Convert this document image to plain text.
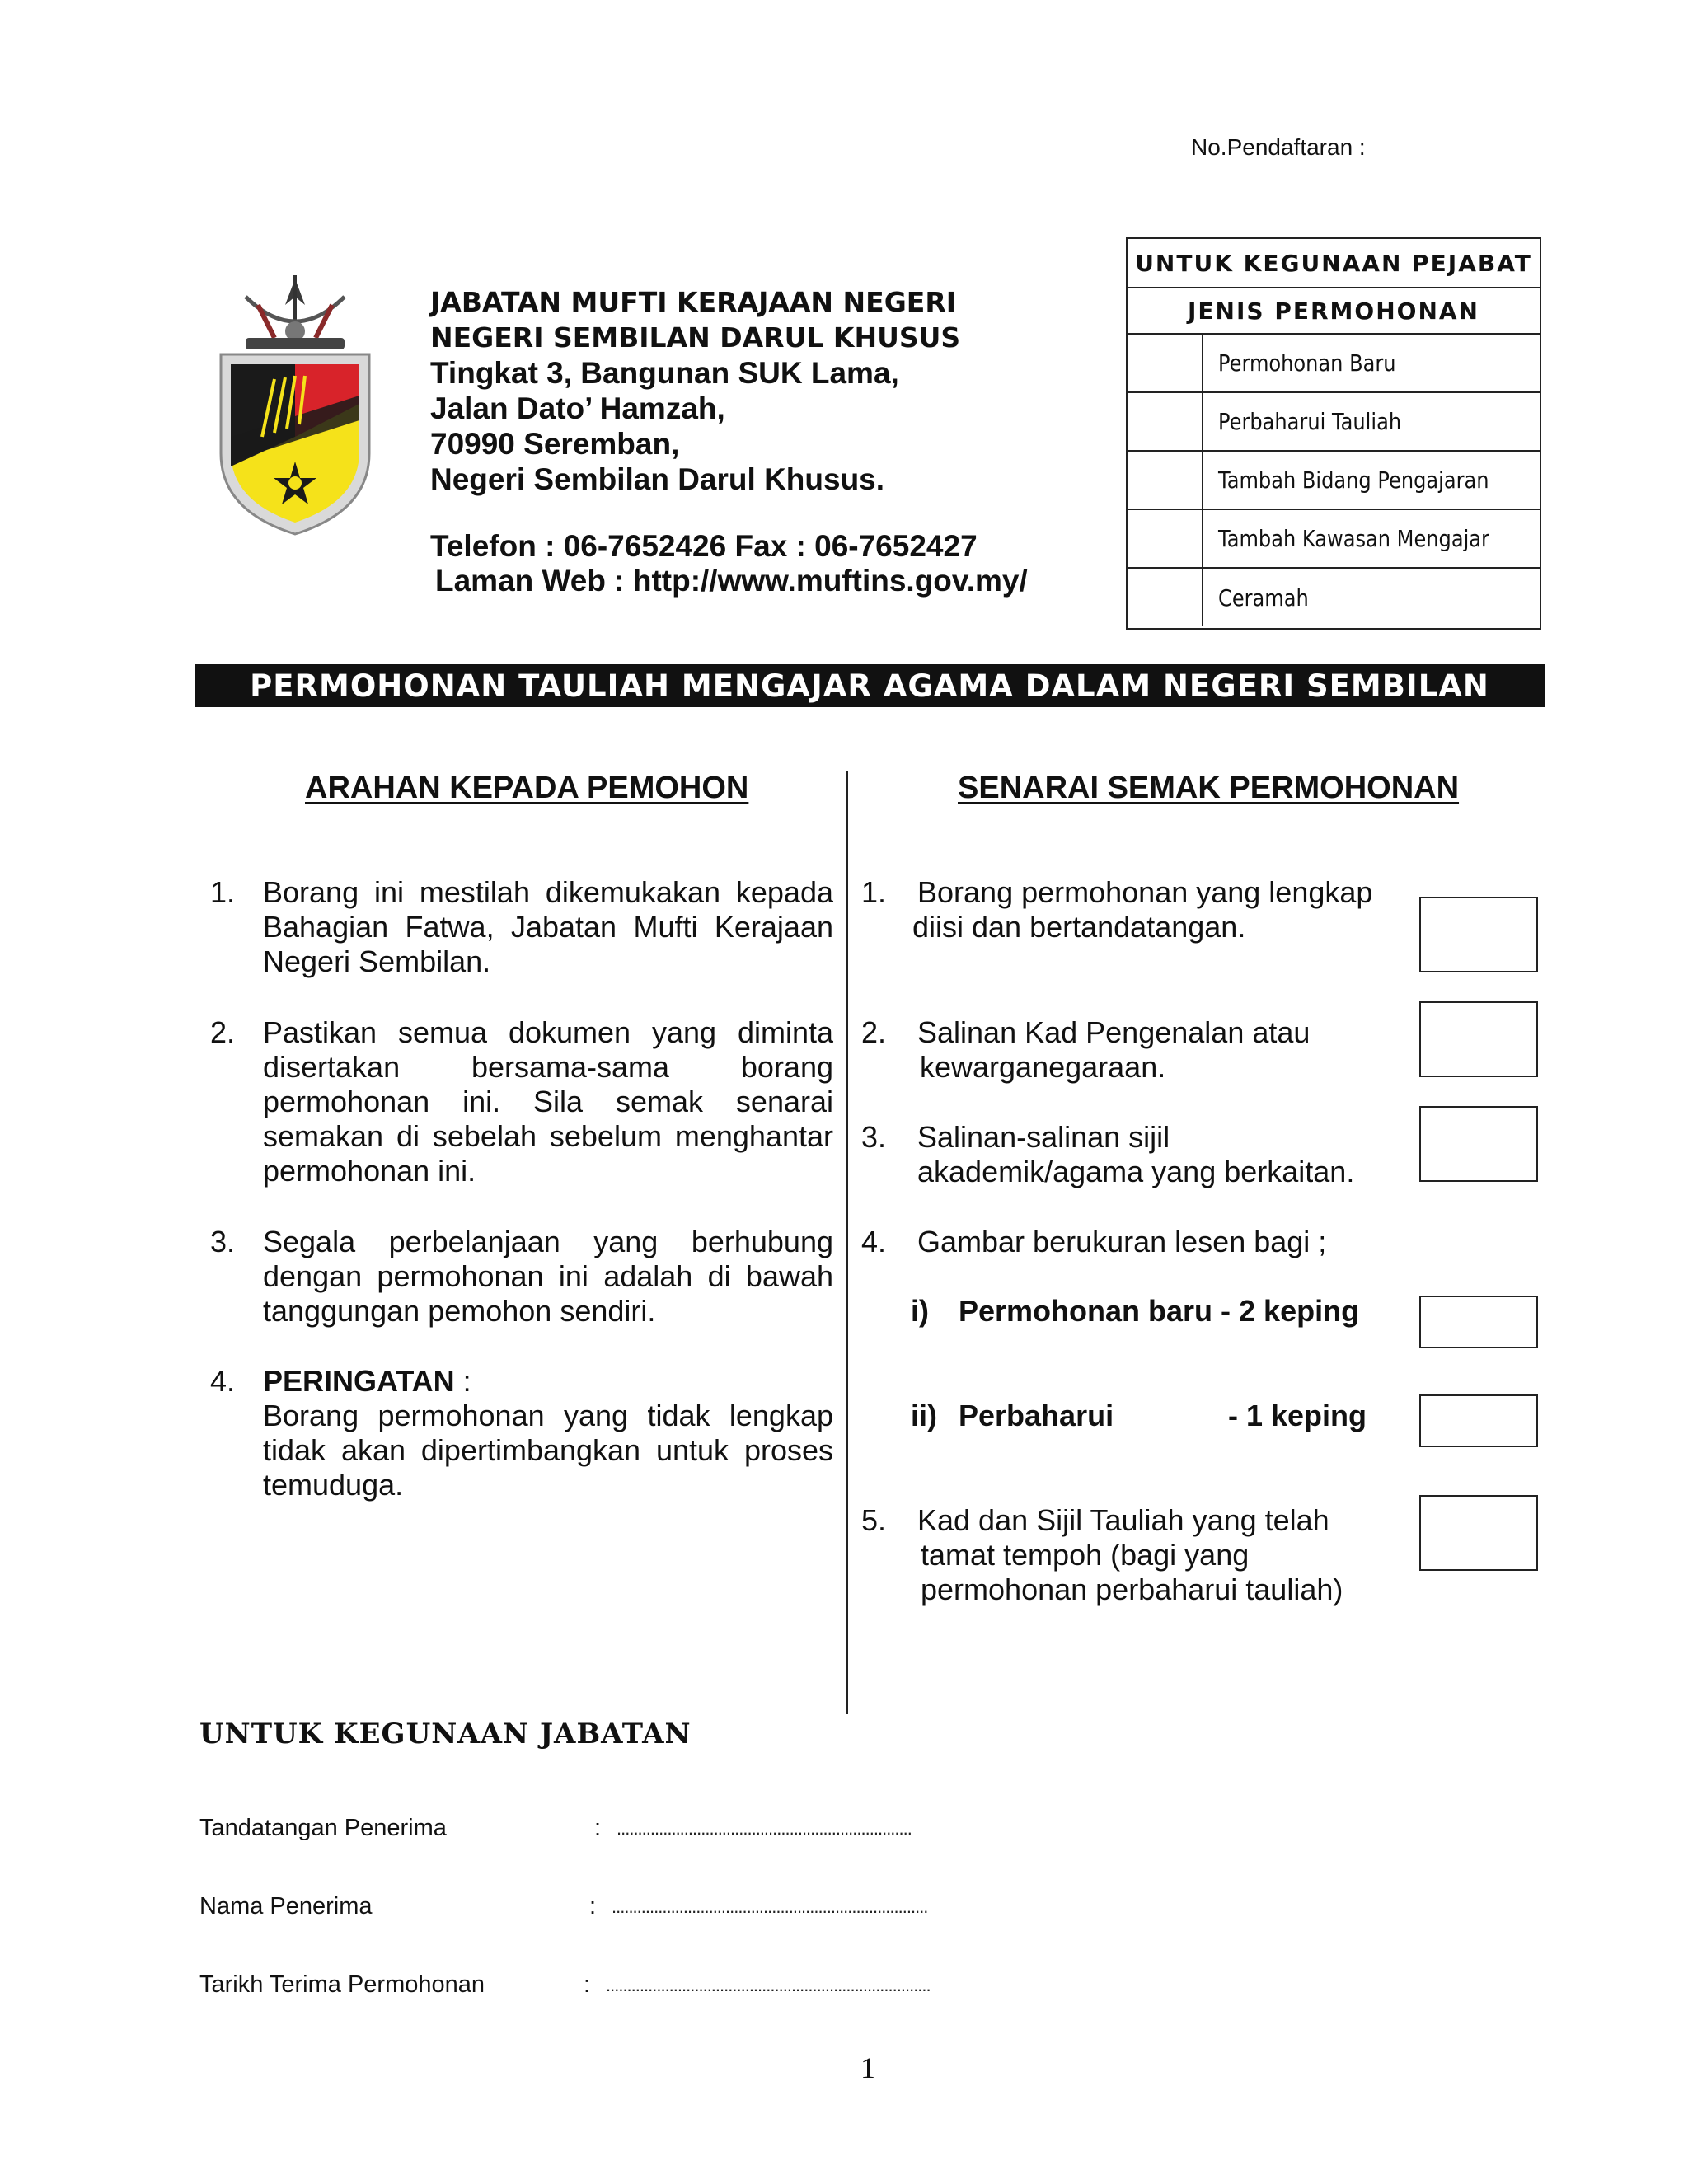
No.Pendaftaran :
JABATAN MUFTI KERAJAAN NEGERI
NEGERI SEMBILAN DARUL KHUSUS
Tingkat 3, Bangunan SUK Lama,
Jalan Dato’ Hamzah,
70990 Seremban,
Negeri Sembilan Darul Khusus.
Telefon : 06-7652426 Fax : 06-7652427
Laman Web : http://www.muftins.gov.my/
UNTUK KEGUNAAN PEJABAT
JENIS PERMOHONAN
Permohonan Baru
Perbaharui Tauliah
Tambah Bidang Pengajaran
Tambah Kawasan Mengajar
Ceramah
PERMOHONAN TAULIAH MENGAJAR AGAMA DALAM NEGERI SEMBILAN
ARAHAN KEPADA PEMOHON	SENARAI SEMAK PERMOHONAN
1. Borang ini mestilah dikemukakan kepada Bahagian Fatwa, Jabatan Mufti Kerajaan Negeri Sembilan.
2. Pastikan semua dokumen yang diminta disertakan bersama-sama borang permohonan ini. Sila semak senarai semakan di sebelah sebelum menghantar permohonan ini.
3. Segala perbelanjaan yang berhubung dengan permohonan ini adalah di bawah tanggungan pemohon sendiri.
4. PERINGATAN :
Borang permohonan yang tidak lengkap tidak akan dipertimbangkan untuk proses temuduga.
1. Borang permohonan yang lengkap
diisi dan bertandatangan.
2. Salinan Kad Pengenalan atau
kewarganegaraan.
3. Salinan-salinan sijil
akademik/agama yang berkaitan.
4. Gambar berukuran lesen bagi ;
i) Permohonan baru - 2 keping
ii) Perbaharui	- 1 keping
5. Kad dan Sijil Tauliah yang telah
tamat tempoh (bagi yang
permohonan perbaharui tauliah)
UNTUK KEGUNAAN JABATAN
Tandatangan Penerima	: ......................................................................
Nama Penerima	: ...........................................................................
Tarikh Terima Permohonan	: .............................................................................
1
